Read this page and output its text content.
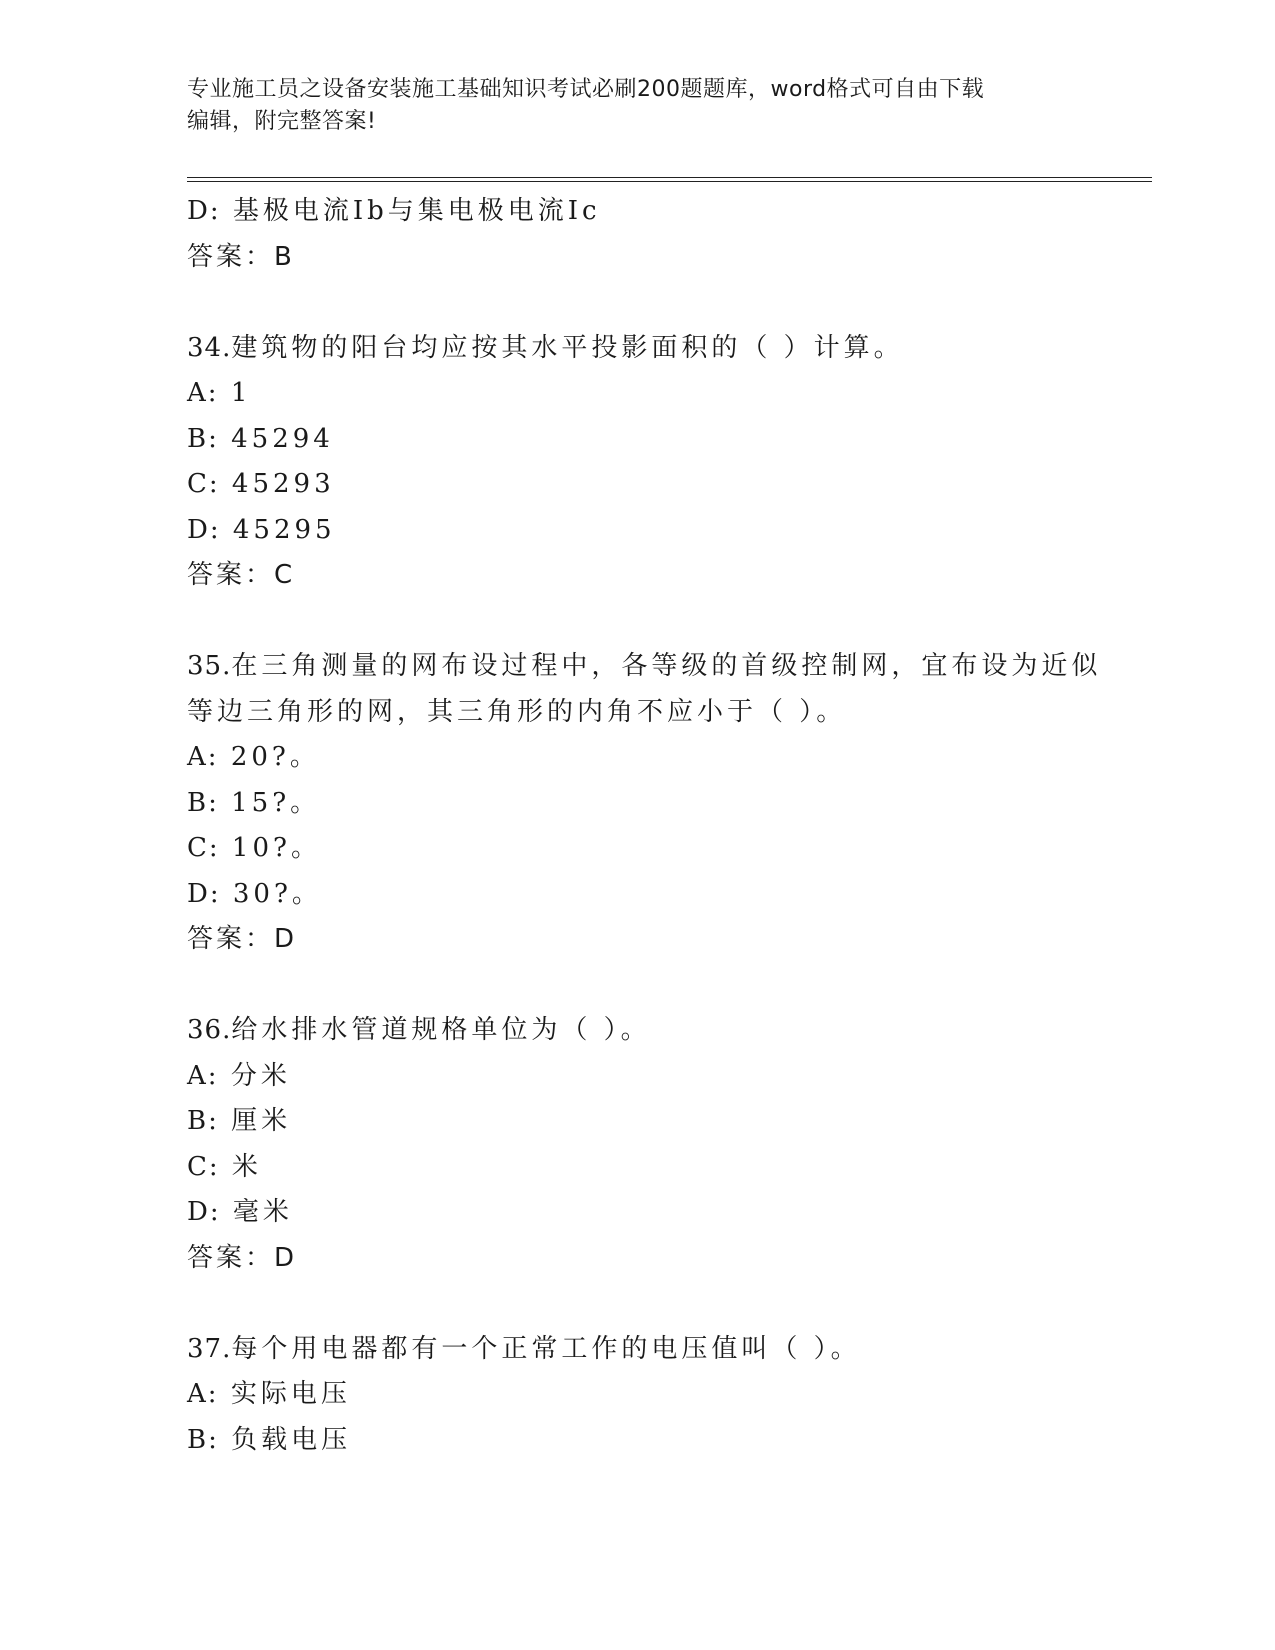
专业施工员之设备安装施工基础知识考试必刷200题题库，word格式可自由下载
编辑，附完整答案!
D: 基极电流Ib与集电极电流Ic
答案：B
34.建筑物的阳台均应按其水平投影面积的（ ）计算。
A: 1
B: 45294
C: 45293
D: 45295
答案：C
35.在三角测量的网布设过程中，各等级的首级控制网，宜布设为近似
等边三角形的网，其三角形的内角不应小于（ ）。
A: 20?。
B: 15?。
C: 10?。
D: 30?。
答案：D
36.给水排水管道规格单位为（ ）。
A: 分米
B: 厘米
C: 米
D: 毫米
答案：D
37.每个用电器都有一个正常工作的电压值叫（ ）。
A: 实际电压
B: 负载电压
